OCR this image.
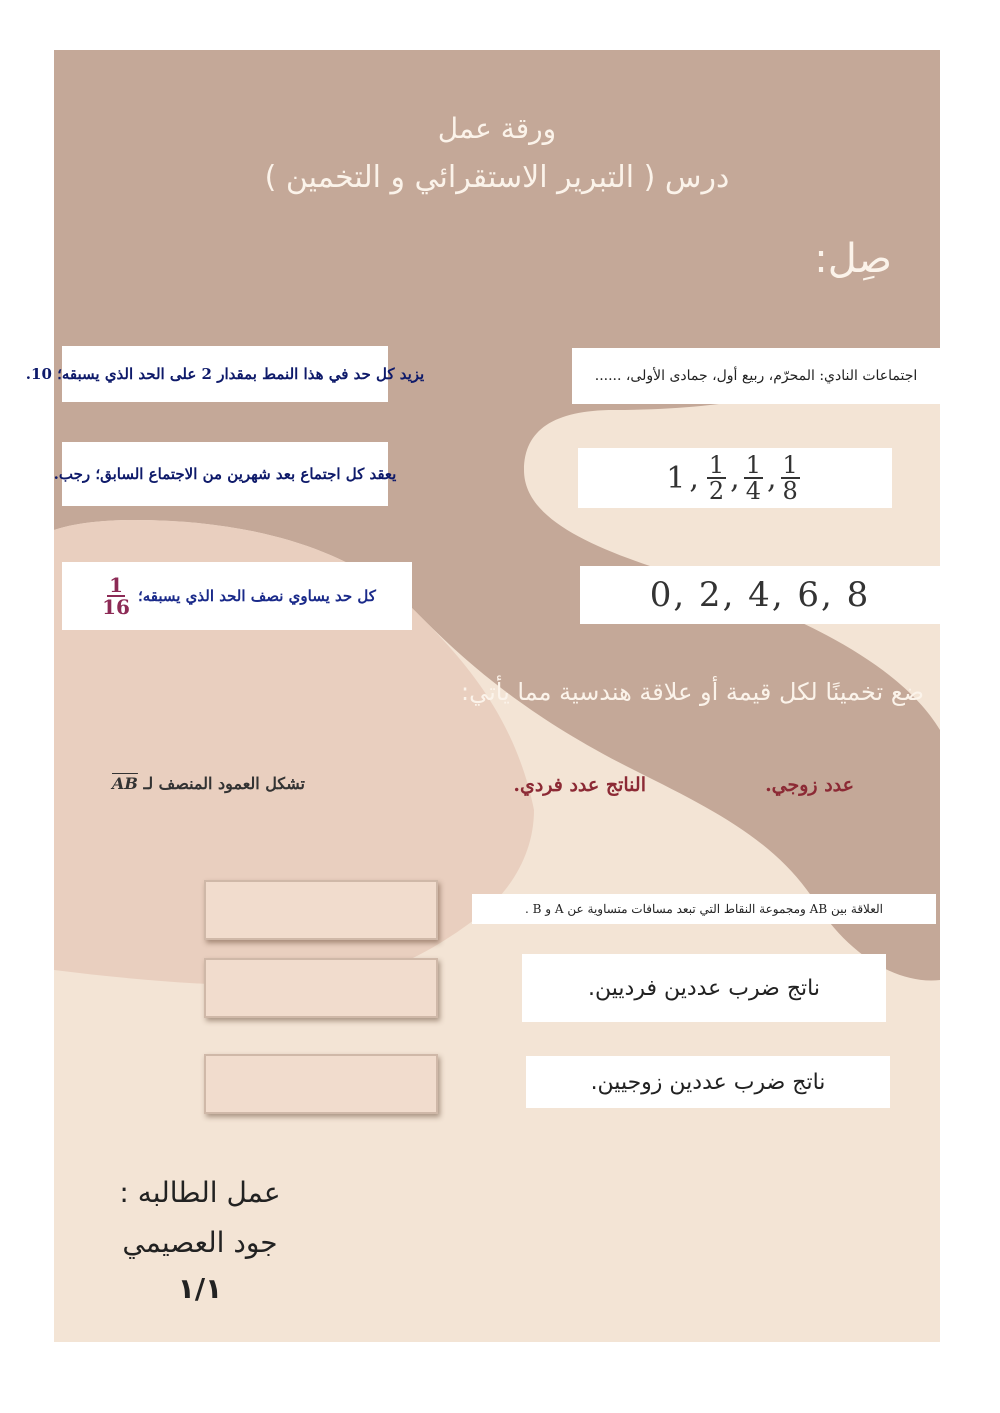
ورقة عمل
درس ( التبرير الاستقرائي و التخمين )
صِل:
يزيد كل حد في هذا النمط بمقدار 2 على الحد الذي يسبقه؛ 10.
يعقد كل اجتماع بعد شهرين من الاجتماع السابق؛ رجب.
كل حد يساوي نصف الحد الذي يسبقه؛
$\frac{1}{16}$
اجتماعات النادي: المحرّم، ربيع أول، جمادى الأولى، ......
1 , $\frac{1}{2}$ , $\frac{1}{4}$ , $\frac{1}{8}$
0, 2, 4, 6, 8
ضع تخمينًا لكل قيمة أو علاقة هندسية مما يأتي:
عدد زوجي.
الناتج عدد فردي.
تشكل العمود المنصف لـ AB
العلاقة بين AB ومجموعة النقاط التي تبعد مسافات متساوية عن A و B .
ناتج ضرب عددين فرديين.
ناتج ضرب عددين زوجيين.
عمل الطالبه :
جود العصيمي
١/١
